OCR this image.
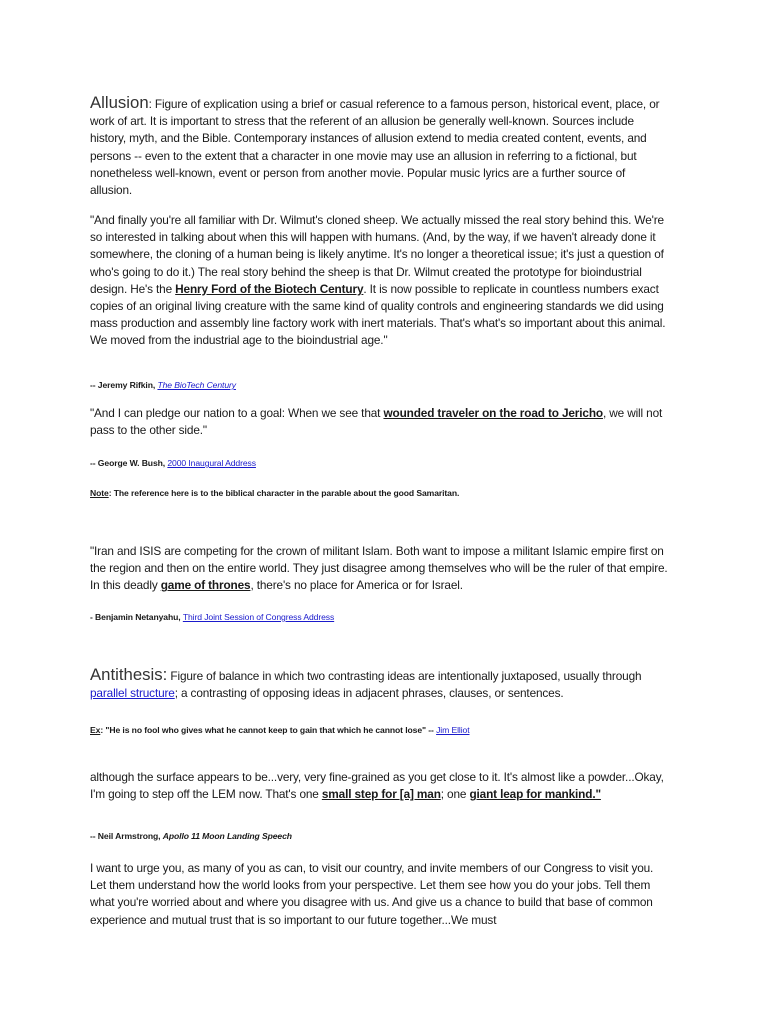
Allusion: Figure of explication using a brief or casual reference to a famous person, historical event, place, or work of art. It is important to stress that the referent of an allusion be generally well-known. Sources include history, myth, and the Bible. Contemporary instances of allusion extend to media created content, events, and persons -- even to the extent that a character in one movie may use an allusion in referring to a fictional, but nonetheless well-known, event or person from another movie. Popular music lyrics are a further source of allusion.
"And finally you're all familiar with Dr. Wilmut's cloned sheep. We actually missed the real story behind this. We're so interested in talking about when this will happen with humans. (And, by the way, if we haven't already done it somewhere, the cloning of a human being is likely anytime. It's no longer a theoretical issue; it's just a question of who's going to do it.) The real story behind the sheep is that Dr. Wilmut created the prototype for bioindustrial design. He's the Henry Ford of the Biotech Century. It is now possible to replicate in countless numbers exact copies of an original living creature with the same kind of quality controls and engineering standards we did using mass production and assembly line factory work with inert materials. That's what's so important about this animal. We moved from the industrial age to the bioindustrial age."
-- Jeremy Rifkin, The BioTech Century
"And I can pledge our nation to a goal: When we see that wounded traveler on the road to Jericho, we will not pass to the other side."
-- George W. Bush, 2000 Inaugural Address
Note: The reference here is to the biblical character in the parable about the good Samaritan.
"Iran and ISIS are competing for the crown of militant Islam. Both want to impose a militant Islamic empire first on the region and then on the entire world. They just disagree among themselves who will be the ruler of that empire. In this deadly game of thrones, there's no place for America or for Israel.
- Benjamin Netanyahu, Third Joint Session of Congress Address
Antithesis: Figure of balance in which two contrasting ideas are intentionally juxtaposed, usually through parallel structure; a contrasting of opposing ideas in adjacent phrases, clauses, or sentences.
Ex: "He is no fool who gives what he cannot keep to gain that which he cannot lose" -- Jim Elliot
although the surface appears to be...very, very fine-grained as you get close to it. It's almost like a powder...Okay, I'm going to step off the LEM now. That's one small step for [a] man; one giant leap for mankind."
-- Neil Armstrong, Apollo 11 Moon Landing Speech
I want to urge you, as many of you as can, to visit our country, and invite members of our Congress to visit you. Let them understand how the world looks from your perspective. Let them see how you do your jobs. Tell them what you're worried about and where you disagree with us. And give us a chance to build that base of common experience and mutual trust that is so important to our future together...We must
